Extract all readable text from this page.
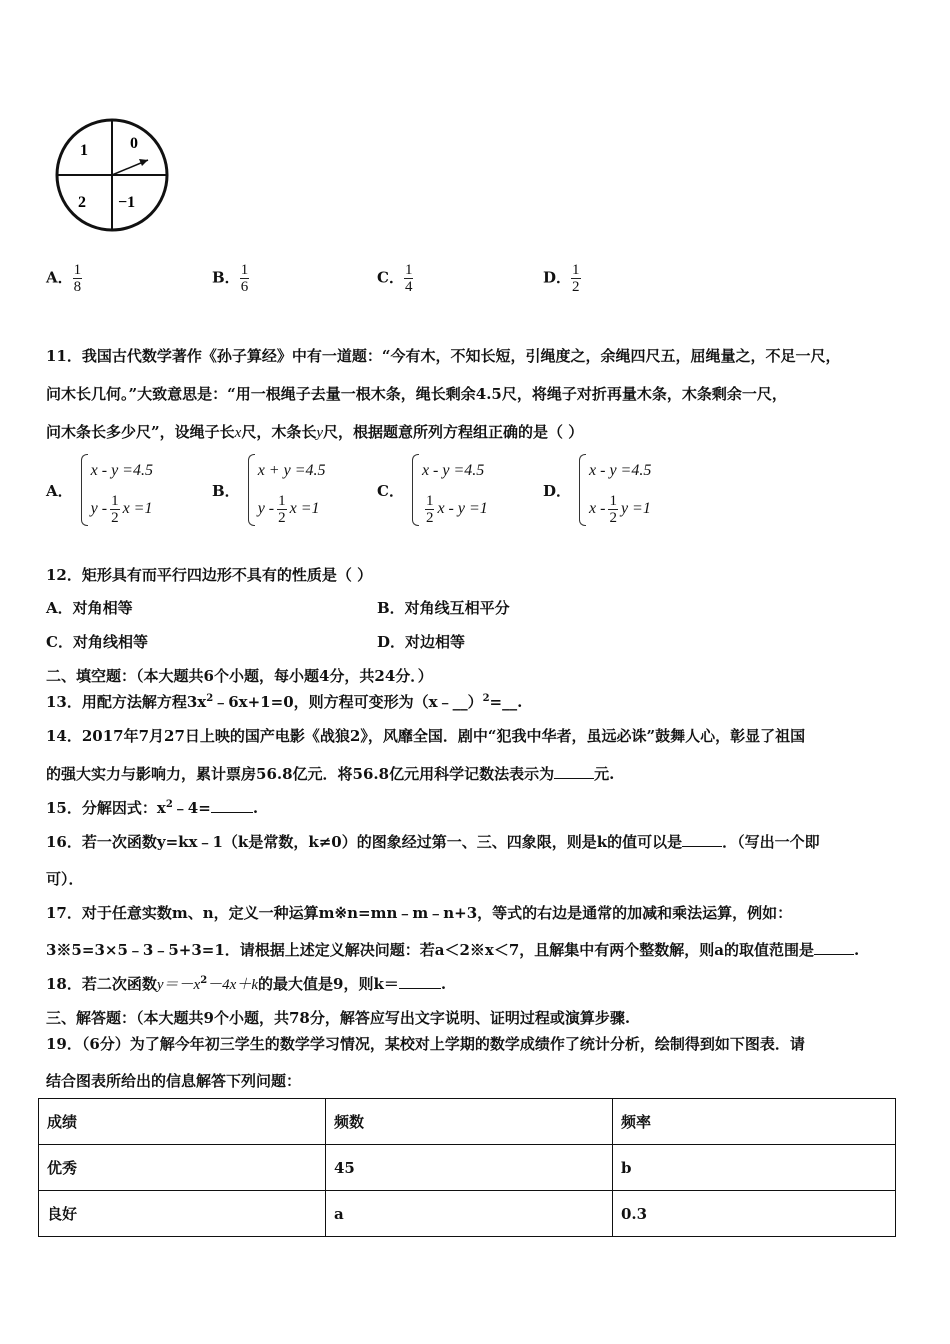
1	0
2 −1
A． $\frac{1}{8}$	B． $\frac{1}{6}$	C． $\frac{1}{4}$	D． $\frac{1}{2}$
11．我国古代数学著作《孙子算经》中有一道题：“今有木，不知长短，引绳度之，余绳四尺五，屈绳量之，不足一尺，
问木长几何。”大致意思是：“用一根绳子去量一根木条，绳长剩余4.5尺，将绳子对折再量木条，木条剩余一尺，
问木条长多少尺”，设绳子长x尺，木条长y尺，根据题意所列方程组正确的是（ ）
A．
x - y =4.5
y - $\frac{1}{2}$ x =1
B．
x + y =4.5
y - $\frac{1}{2}$ x =1
C．
x - y =4.5
$\frac{1}{2}$ x - y =1
D．
x - y =4.5
x - $\frac{1}{2}$ y =1
12．矩形具有而平行四边形不具有的性质是（ ）
A．对角相等	B．对角线互相平分
C．对角线相等	D．对边相等
二、填空题：（本大题共6个小题，每小题4分，共24分．）
13．用配方法解方程$3x^2﹣6x+1=0$，则方程可变形为（x﹣__）$^2$=__.
14．2017年7月27日上映的国产电影《战狼2》，风靡全国．剧中“犯我中华者，虽远必诛”鼓舞人心，彰显了祖国
的强大实力与影响力，累计票房56.8亿元．将56.8亿元用科学记数法表示为	元.
15．分解因式：$x^2﹣4=$	.
16．若一次函数y=kx﹣1（k是常数，k≠0）的图象经过第一、三、四象限，则是k的值可以是	．（写出一个即
可）．
17．对于任意实数m、n，定义一种运算m※n=mn﹣m﹣n+3，等式的右边是通常的加减和乘法运算，例如：
3※5=3×5﹣3﹣5+3=1．请根据上述定义解决问题：若a＜2※x＜7，且解集中有两个整数解，则a的取值范围是	.
18．若二次函数$y=-x^2-4x+k$的最大值是9，则k＝	.
三、解答题：（本大题共9个小题，共78分，解答应写出文字说明、证明过程或演算步骤.
19．（6分）为了解今年初三学生的数学学习情况，某校对上学期的数学成绩作了统计分析，绘制得到如下图表．请
结合图表所给出的信息解答下列问题：
成绩	频数	频率
优秀	45	b
良好	a	0.3
